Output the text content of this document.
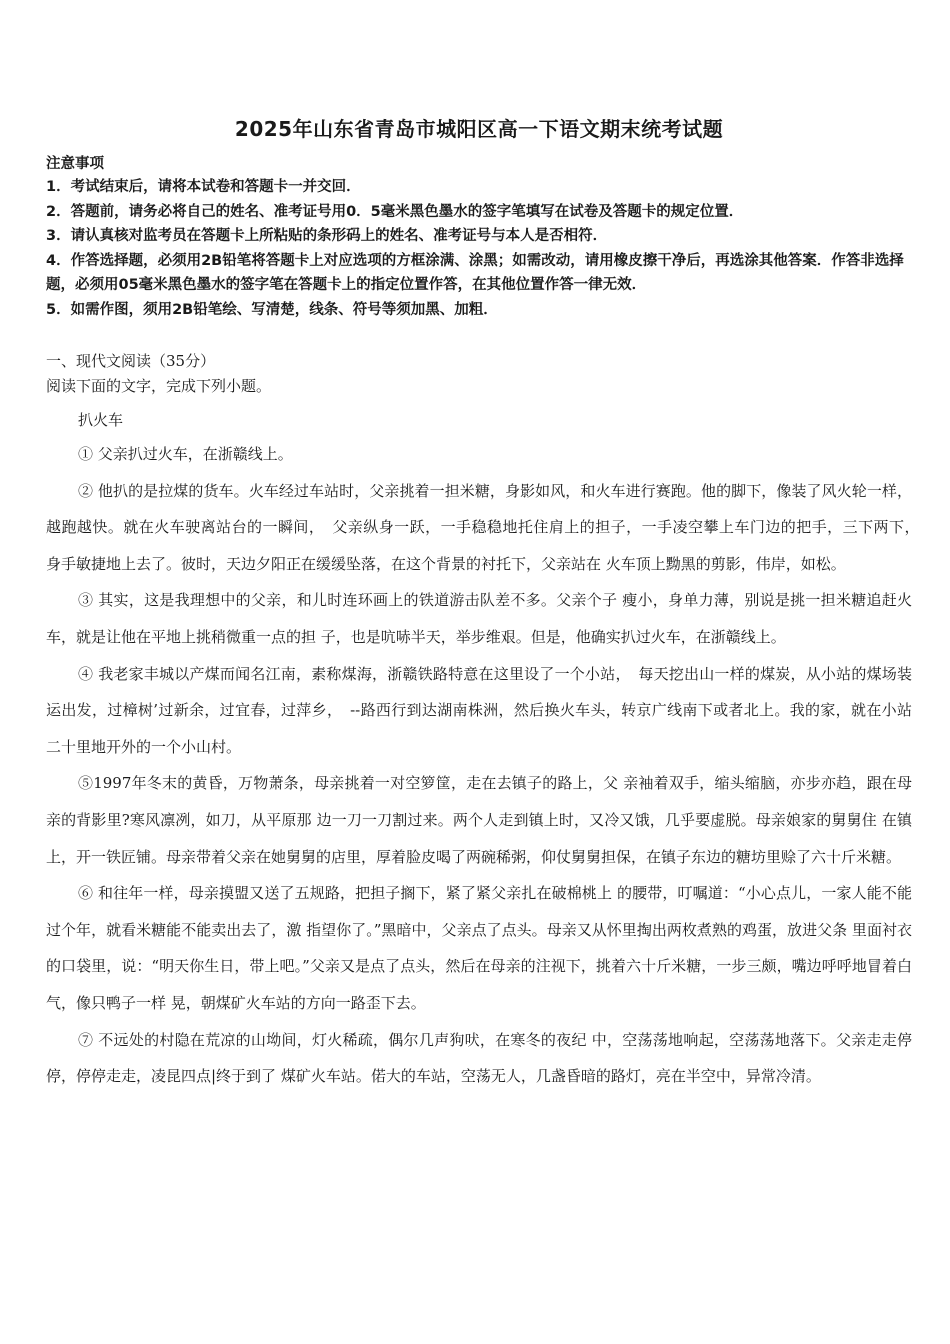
2025年山东省青岛市城阳区高一下语文期末统考试题
注意事项

1．考试结束后，请将本试卷和答题卡一并交回．

2．答题前，请务必将自己的姓名、准考证号用0．5毫米黑色墨水的签字笔填写在试卷及答题卡的规定位置．

3．请认真核对监考员在答题卡上所粘贴的条形码上的姓名、准考证号与本人是否相符．

4．作答选择题，必须用2B铅笔将答题卡上对应选项的方框涂满、涂黑；如需改动，请用橡皮擦干净后，再选涂其他答案．作答非选择题，必须用05毫米黑色墨水的签字笔在答题卡上的指定位置作答，在其他位置作答一律无效．

5．如需作图，须用2B铅笔绘、写清楚，线条、符号等须加黑、加粗．

一、现代文阅读（35分）
阅读下面的文字，完成下列小题。
扒火车

① 父亲扒过火车，在浙赣线上。

② 他扒的是拉煤的货车。火车经过车站时，父亲挑着一担米糖，身影如风，和火车进行赛跑。他的脚下，像装了风火轮一样，越跑越快。就在火车驶离站台的一瞬间，　父亲纵身一跃，一手稳稳地托住肩上的担子，一手凌空攀上车门边的把手，三下两下，　身手敏捷地上去了。彼时，天边夕阳正在缓缓坠落，在这个背景的衬托下，父亲站在 火车顶上黝黑的剪影，伟岸，如松。

③ 其实，这是我理想中的父亲，和儿时连环画上的铁道游击队差不多。父亲个子 瘦小，身单力薄，别说是挑一担米糖追赶火车，就是让他在平地上挑稍微重一点的担 子，也是吭哧半天，举步维艰。但是，他确实扒过火车，在浙赣线上。

④ 我老家丰城以产煤而闻名江南，素称煤海，浙赣铁路特意在这里设了一个小站，　每天挖出山一样的煤炭，从小站的煤场装运出发，过樟树’过新余，过宜春，过萍乡，　--路西行到达湖南株洲，然后换火车头，转京广线南下或者北上。我的家，就在小站 二十里地开外的一个小山村。

⑤1997年冬末的黄昏，万物萧条，母亲挑着一对空箩筐，走在去镇子的路上，父 亲袖着双手，缩头缩脑，亦步亦趋，跟在母亲的背影里?寒风凛冽，如刀，从平原那 边一刀一刀割过来。两个人走到镇上时，又冷又饿，几乎要虚脱。母亲娘家的舅舅住 在镇上，开一铁匠铺。母亲带着父亲在她舅舅的店里，厚着脸皮喝了两碗稀粥，仰仗舅舅担保，在镇子东边的糖坊里赊了六十斤米糖。

⑥ 和往年一样，母亲摸盟又送了五规路，把担子搁下，紧了紧父亲扎在破棉桃上 的腰带，叮嘱道：“小心点儿，一家人能不能过个年，就看米糖能不能卖出去了，激 指望你了。”黑暗中，父亲点了点头。母亲又从怀里掏出两枚煮熟的鸡蛋，放进父条 里面衬衣的口袋里，说：“明天你生日，带上吧。”父亲又是点了点头，然后在母亲的注视下，挑着六十斤米糖，一步三颇，嘴边呼呼地冒着白气，像只鸭子一样 晃，朝煤矿火车站的方向一路歪下去。

⑦ 不远处的村隐在荒凉的山坳间，灯火稀疏，偶尔几声狗吠，在寒冬的夜纪 中，空荡荡地响起，空荡荡地落下。父亲走走停停，停停走走，凌昆四点|终于到了 煤矿火车站。偌大的车站，空荡无人，几盏昏暗的路灯，亮在半空中，异常冷清。
